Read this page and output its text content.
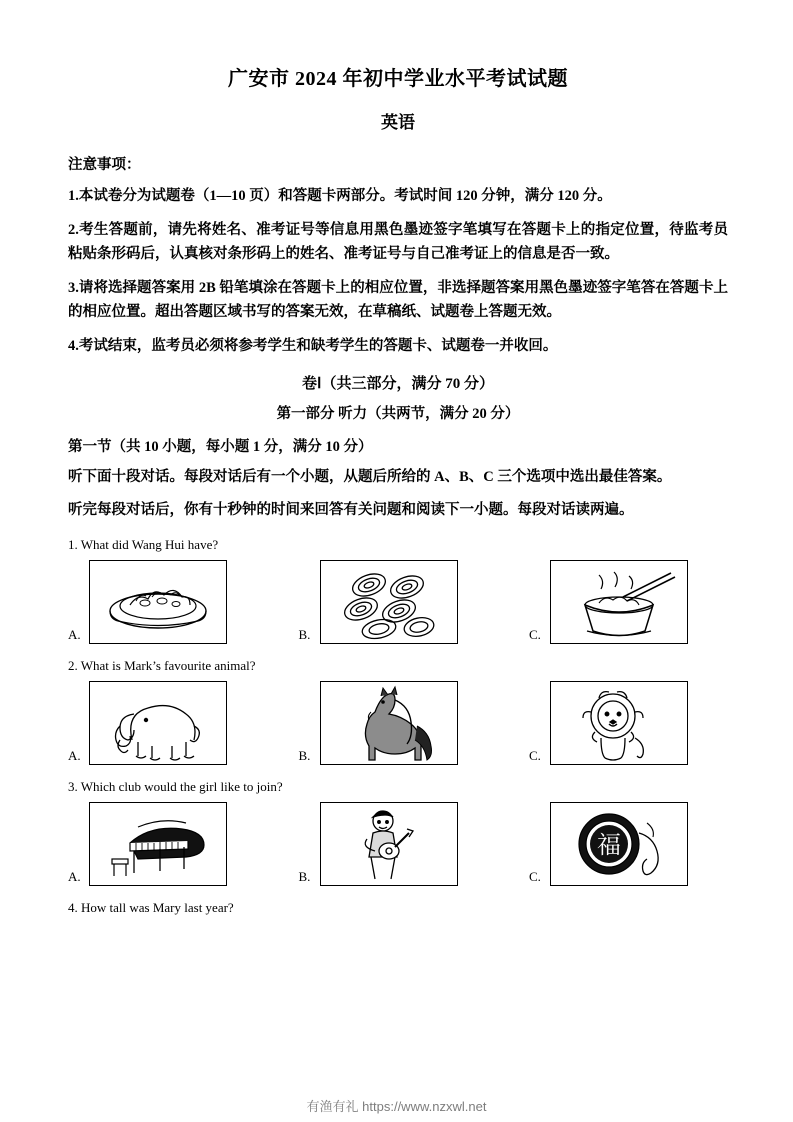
广安市 2024 年初中学业水平考试试题
英语
注意事项：
1.本试卷分为试题卷（1—10 页）和答题卡两部分。考试时间 120 分钟，满分 120 分。
2.考生答题前，请先将姓名、准考证号等信息用黑色墨迹签字笔填写在答题卡上的指定位置，待监考员粘贴条形码后，认真核对条形码上的姓名、准考证号与自己准考证上的信息是否一致。
3.请将选择题答案用 2B 铅笔填涂在答题卡上的相应位置，非选择题答案用黑色墨迹签字笔答在答题卡上的相应位置。超出答题区域书写的答案无效，在草稿纸、试题卷上答题无效。
4.考试结束，监考员必须将参考学生和缺考学生的答题卡、试题卷一并收回。
卷Ⅰ（共三部分，满分 70 分）
第一部分 听力（共两节，满分 20 分）
第一节（共 10 小题，每小题 1 分，满分 10 分）
听下面十段对话。每段对话后有一个小题，从题后所给的 A、B、C 三个选项中选出最佳答案。
听完每段对话后，你有十秒钟的时间来回答有关问题和阅读下一小题。每段对话读两遍。
1. What did Wang Hui have?
A.	B.	C.
2. What is Mark’s favourite animal?
A.	B.	C.
3. Which club would the girl like to join?
A.	B.	C.
福
4. How tall was Mary last year?
有渔有礼 https://www.nzxwl.net
